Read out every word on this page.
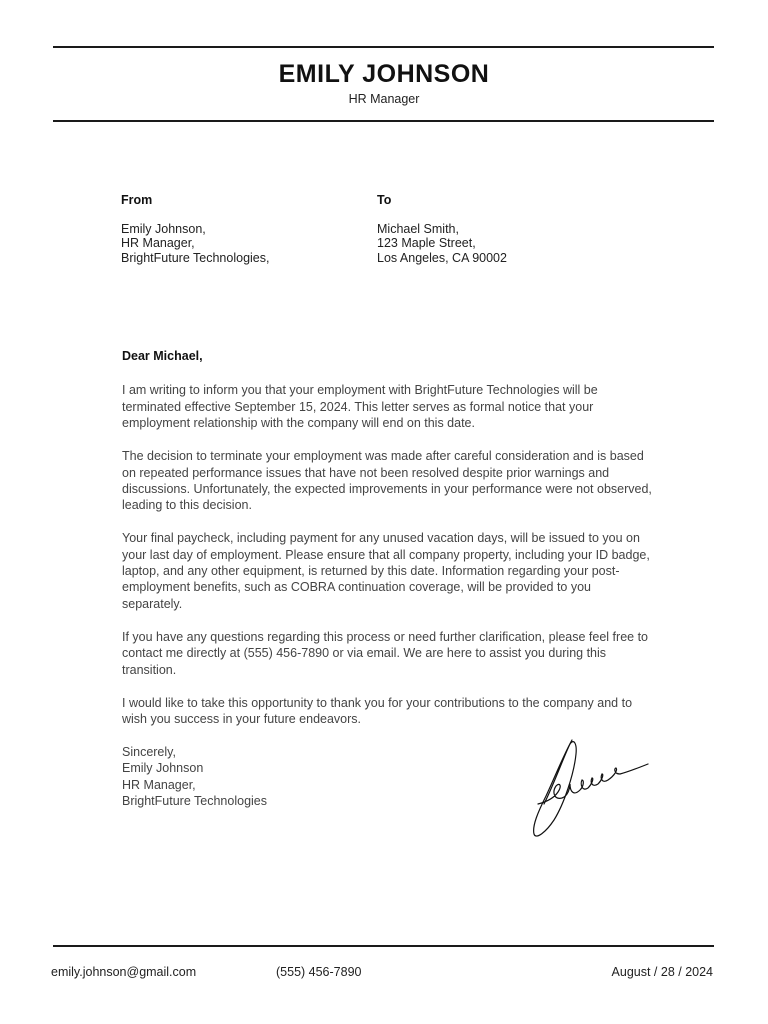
EMILY JOHNSON
HR Manager
From
Emily Johnson,
HR Manager,
BrightFuture Technologies,
To
Michael Smith,
123 Maple Street,
Los Angeles, CA 90002
Dear Michael,

I am writing to inform you that your employment with BrightFuture Technologies will be terminated effective September 15, 2024. This letter serves as formal notice that your employment relationship with the company will end on this date.

The decision to terminate your employment was made after careful consideration and is based on repeated performance issues that have not been resolved despite prior warnings and discussions. Unfortunately, the expected improvements in your performance were not observed, leading to this decision.

Your final paycheck, including payment for any unused vacation days, will be issued to you on your last day of employment. Please ensure that all company property, including your ID badge, laptop, and any other equipment, is returned by this date. Information regarding your post-employment benefits, such as COBRA continuation coverage, will be provided to you separately.

If you have any questions regarding this process or need further clarification, please feel free to contact me directly at (555) 456-7890 or via email. We are here to assist you during this transition.

I would like to take this opportunity to thank you for your contributions to the company and to wish you success in your future endeavors.

Sincerely,
Emily Johnson
HR Manager,
BrightFuture Technologies
emily.johnson@gmail.com	(555) 456-7890	August / 28 / 2024
